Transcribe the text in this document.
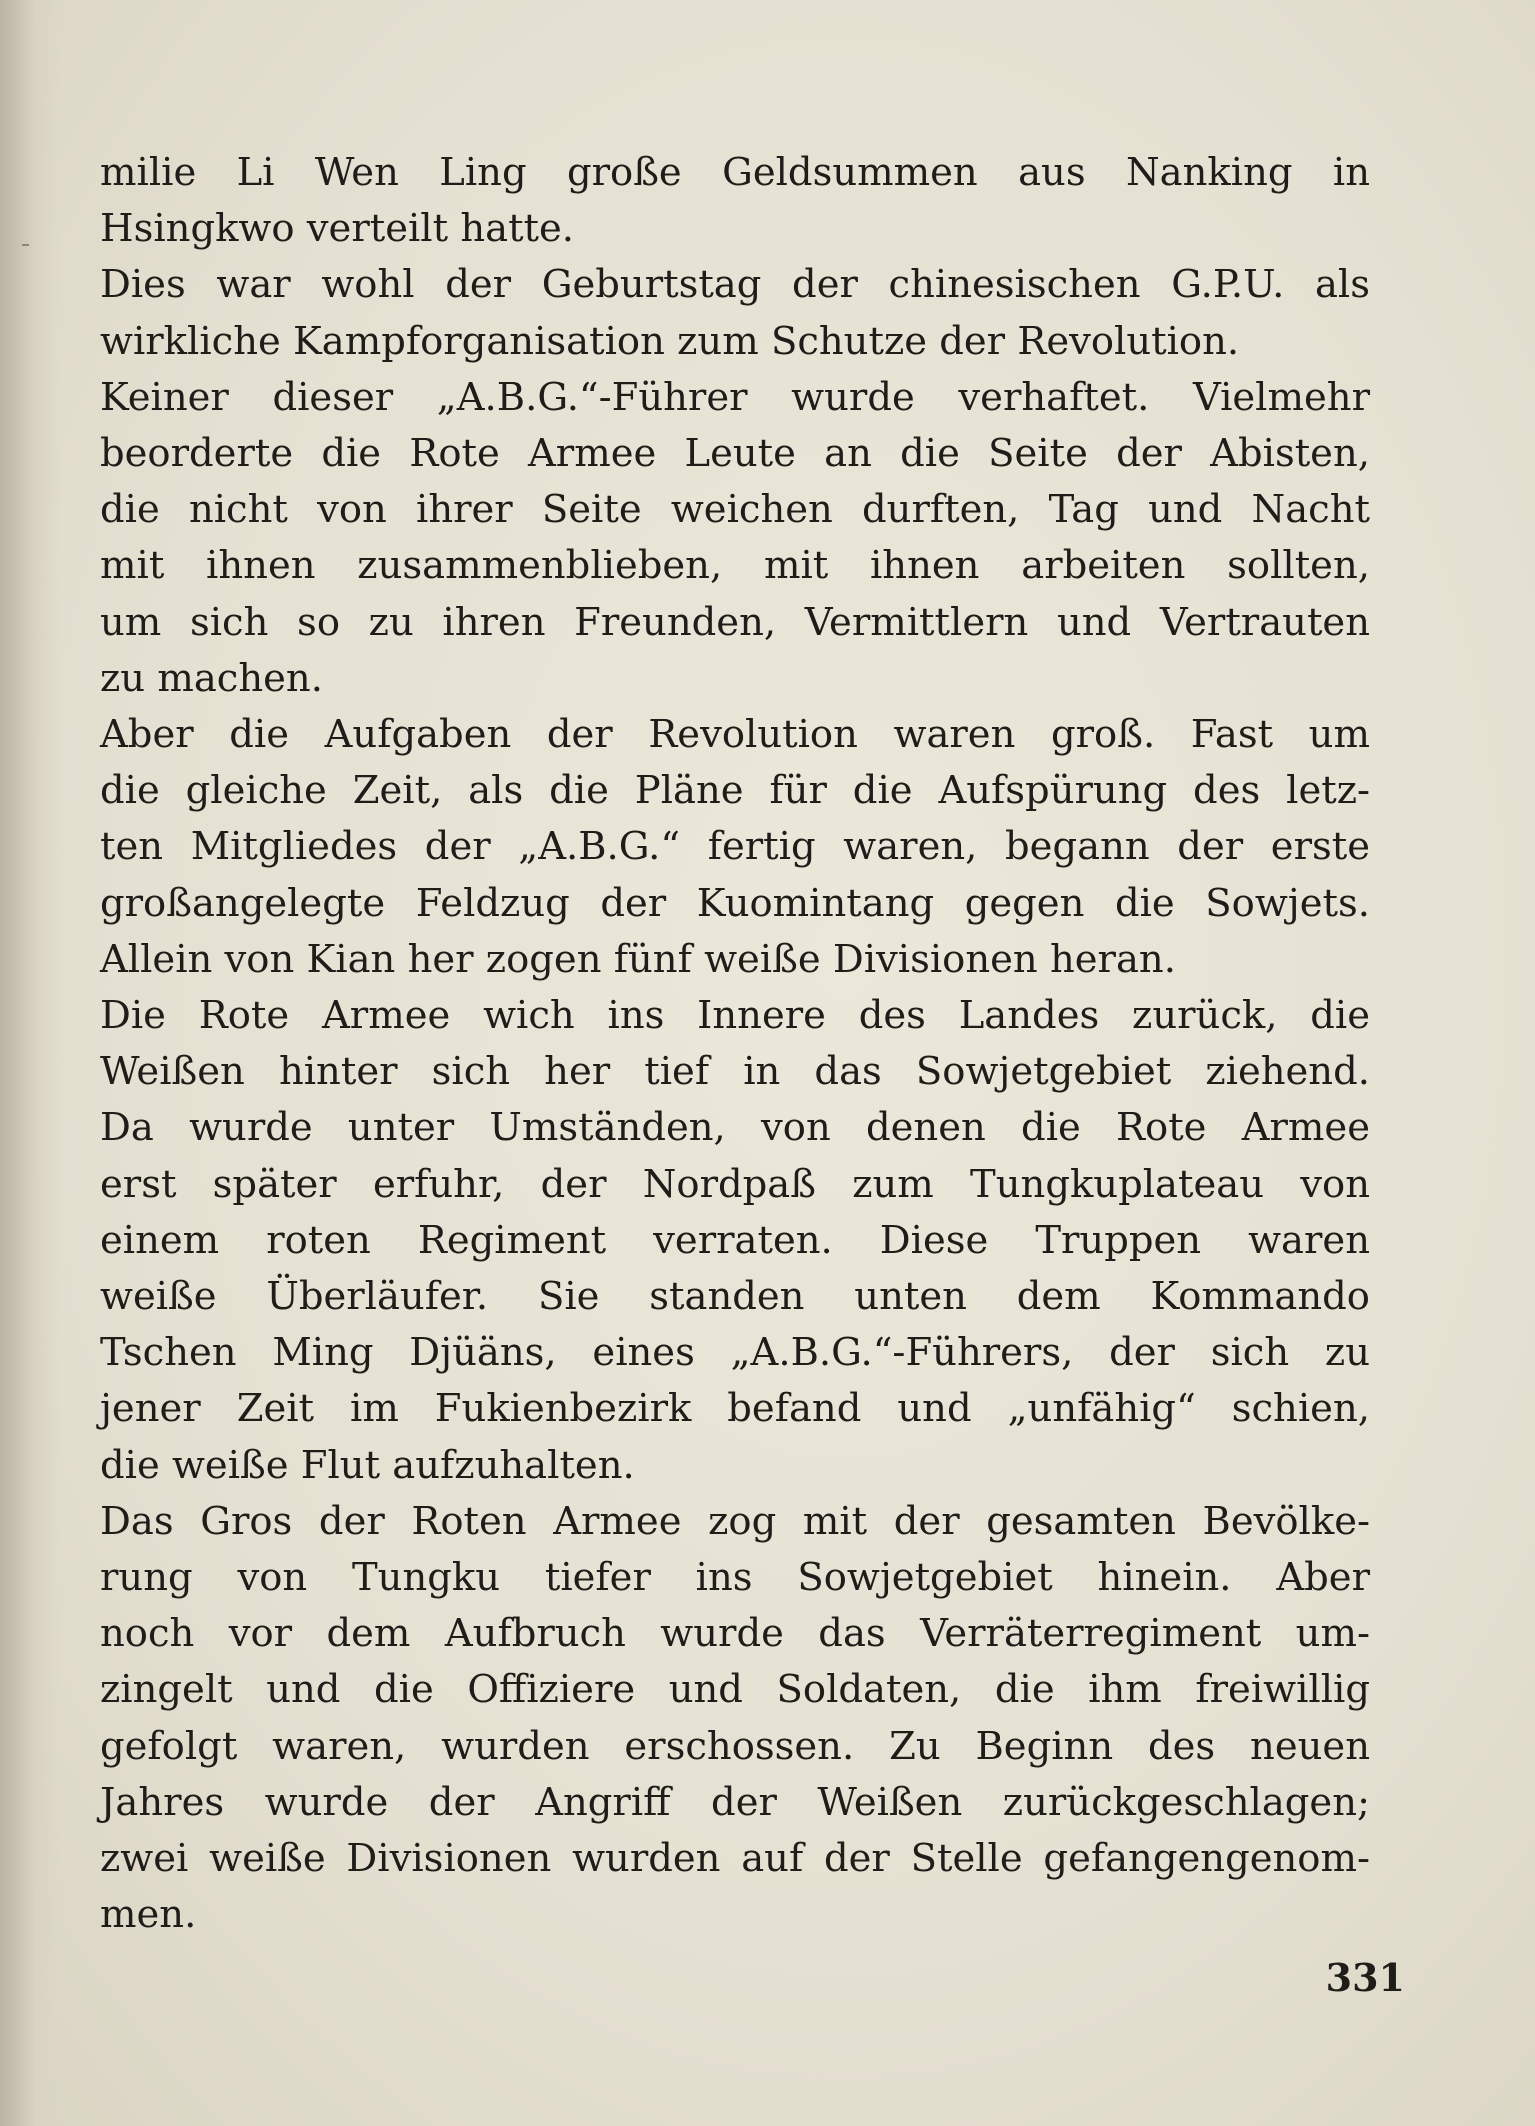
milie Li Wen Ling große Geldsummen aus Nanking in
Hsingkwo verteilt hatte.
Dies war wohl der Geburtstag der chinesischen G.P.U. als
wirkliche Kampforganisation zum Schutze der Revolution.
Keiner dieser „A.B.G.“-Führer wurde verhaftet. Vielmehr
beorderte die Rote Armee Leute an die Seite der Abisten,
die nicht von ihrer Seite weichen durften, Tag und Nacht
mit ihnen zusammenblieben, mit ihnen arbeiten sollten,
um sich so zu ihren Freunden, Vermittlern und Vertrauten
zu machen.
Aber die Aufgaben der Revolution waren groß. Fast um
die gleiche Zeit, als die Pläne für die Aufspürung des letz-
ten Mitgliedes der „A.B.G.“ fertig waren, begann der erste
großangelegte Feldzug der Kuomintang gegen die Sowjets.
Allein von Kian her zogen fünf weiße Divisionen heran.
Die Rote Armee wich ins Innere des Landes zurück, die
Weißen hinter sich her tief in das Sowjetgebiet ziehend.
Da wurde unter Umständen, von denen die Rote Armee
erst später erfuhr, der Nordpaß zum Tungkuplateau von
einem roten Regiment verraten. Diese Truppen waren
weiße Überläufer. Sie standen unten dem Kommando
Tschen Ming Djüäns, eines „A.B.G.“-Führers, der sich zu
jener Zeit im Fukienbezirk befand und „unfähig“ schien,
die weiße Flut aufzuhalten.
Das Gros der Roten Armee zog mit der gesamten Bevölke-
rung von Tungku tiefer ins Sowjetgebiet hinein. Aber
noch vor dem Aufbruch wurde das Verräterregiment um-
zingelt und die Offiziere und Soldaten, die ihm freiwillig
gefolgt waren, wurden erschossen. Zu Beginn des neuen
Jahres wurde der Angriff der Weißen zurückgeschlagen;
zwei weiße Divisionen wurden auf der Stelle gefangengenom-
men.
331
